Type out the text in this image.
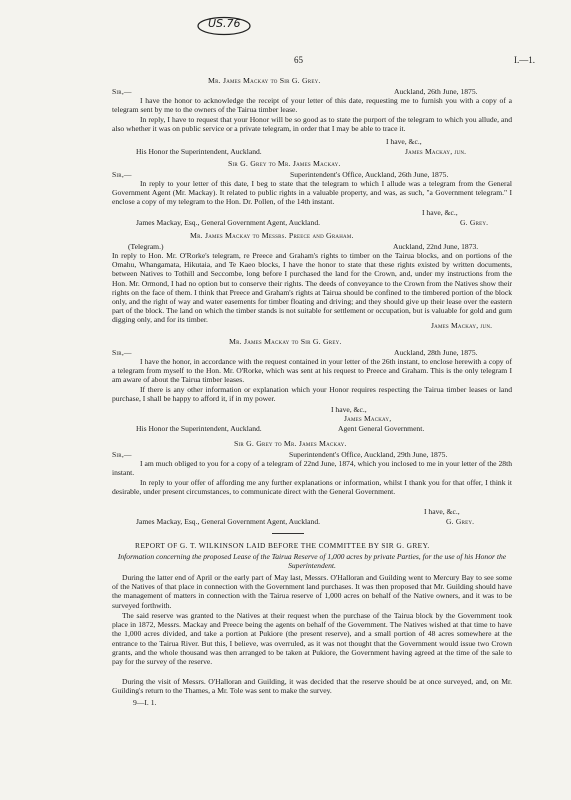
US.76
65	I.—1.
Mr. James Mackay to Sir G. Grey.
Sir,—	Auckland, 26th June, 1875.
I have the honor to acknowledge the receipt of your letter of this date, requesting me to furnish you with a copy of a telegram sent by me to the owners of the Tairua timber lease.
In reply, I have to request that your Honor will be so good as to state the purport of the telegram to which you allude, and also whether it was on public service or a private telegram, in order that I may be able to trace it.
I have, &c.,
His Honor the Superintendent, Auckland.	James Mackay, jun.
Sir G. Grey to Mr. James Mackay.
Sir,—	Superintendent's Office, Auckland, 26th June, 1875.
In reply to your letter of this date, I beg to state that the telegram to which I allude was a telegram from the General Government Agent (Mr. Mackay). It related to public rights in a valuable property, and was, as such, "a Government telegram." I enclose a copy of my telegram to the Hon. Dr. Pollen, of the 14th instant.
I have, &c.,
James Mackay, Esq., General Government Agent, Auckland.	G. Grey.
Mr. James Mackay to Messrs. Preece and Graham.
(Telegram.)	Auckland, 22nd June, 1873.
In reply to Hon. Mr. O'Rorke's telegram, re Preece and Graham's rights to timber on the Tairua blocks, and on portions of the Omahu, Whangamata, Hikutaia, and Te Kaeo blocks, I have the honor to state that these rights existed by written documents, between Natives to Tothill and Seccombe, long before I purchased the land for the Crown, and, under my instructions from the Hon. Mr. Ormond, I had no option but to conserve their rights. The deeds of conveyance to the Crown from the Natives show their rights on the face of them. I think that Preece and Graham's rights at Tairua should be confined to the timbered portion of the block only, and the right of way and water easements for timber floating and driving; and they should give up their lease over the eastern part of the block. The land on which the timber stands is not suitable for settlement or occupation, but is valuable for gold and gum digging only, and for its timber.
James Mackay, jun.
Mr. James Mackay to Sir G. Grey.
Sir,—	Auckland, 28th June, 1875.
I have the honor, in accordance with the request contained in your letter of the 26th instant, to enclose herewith a copy of a telegram from myself to the Hon. Mr. O'Rorke, which was sent at his request to Preece and Graham. This is the only telegram I am aware of about the Tairua timber leases.
If there is any other information or explanation which your Honor requires respecting the Tairua timber leases or land purchase, I shall be happy to afford it, if in my power.
I have, &c.,
James Mackay,
His Honor the Superintendent, Auckland.	Agent General Government.
Sir G. Grey to Mr. James Mackay.
Sir,—	Superintendent's Office, Auckland, 29th June, 1875.
I am much obliged to you for a copy of a telegram of 22nd June, 1874, which you inclosed to me in your letter of the 28th instant.
In reply to your offer of affording me any further explanations or information, whilst I thank you for that offer, I think it desirable, under present circumstances, to communicate direct with the General Government.
I have, &c.,
James Mackay, Esq., General Government Agent, Auckland.	G. Grey.
REPORT OF G. T. WILKINSON LAID BEFORE THE COMMITTEE BY SIR G. GREY.
Information concerning the proposed Lease of the Tairua Reserve of 1,000 acres by private Parties, for the use of his Honor the Superintendent.
During the latter end of April or the early part of May last, Messrs. O'Halloran and Guilding went to Mercury Bay to see some of the Natives of that place in connection with the Government land purchases. It was then proposed that Mr. Guilding should have the management of matters in connection with the Tairua reserve of 1,000 acres on behalf of the Native owners, and it was to be surveyed forthwith.
The said reserve was granted to the Natives at their request when the purchase of the Tairua block by the Government took place in 1872, Messrs. Mackay and Preece being the agents on behalf of the Government. The Natives wished at that time to have the 1,000 acres divided, and take a portion at Pukiore (the present reserve), and a small portion of 48 acres somewhere at the entrance to the Tairua River. But this, I believe, was overruled, as it was not thought that the Government would issue two Crown grants, and the whole thousand was then arranged to be taken at Pukiore, the Government having agreed at the time of the sale to pay for the survey of the reserve.
During the visit of Messrs. O'Halloran and Guilding, it was decided that the reserve should be at once surveyed, and, on Mr. Guilding's return to the Thames, a Mr. Tole was sent to make the survey.
9—I. 1.
